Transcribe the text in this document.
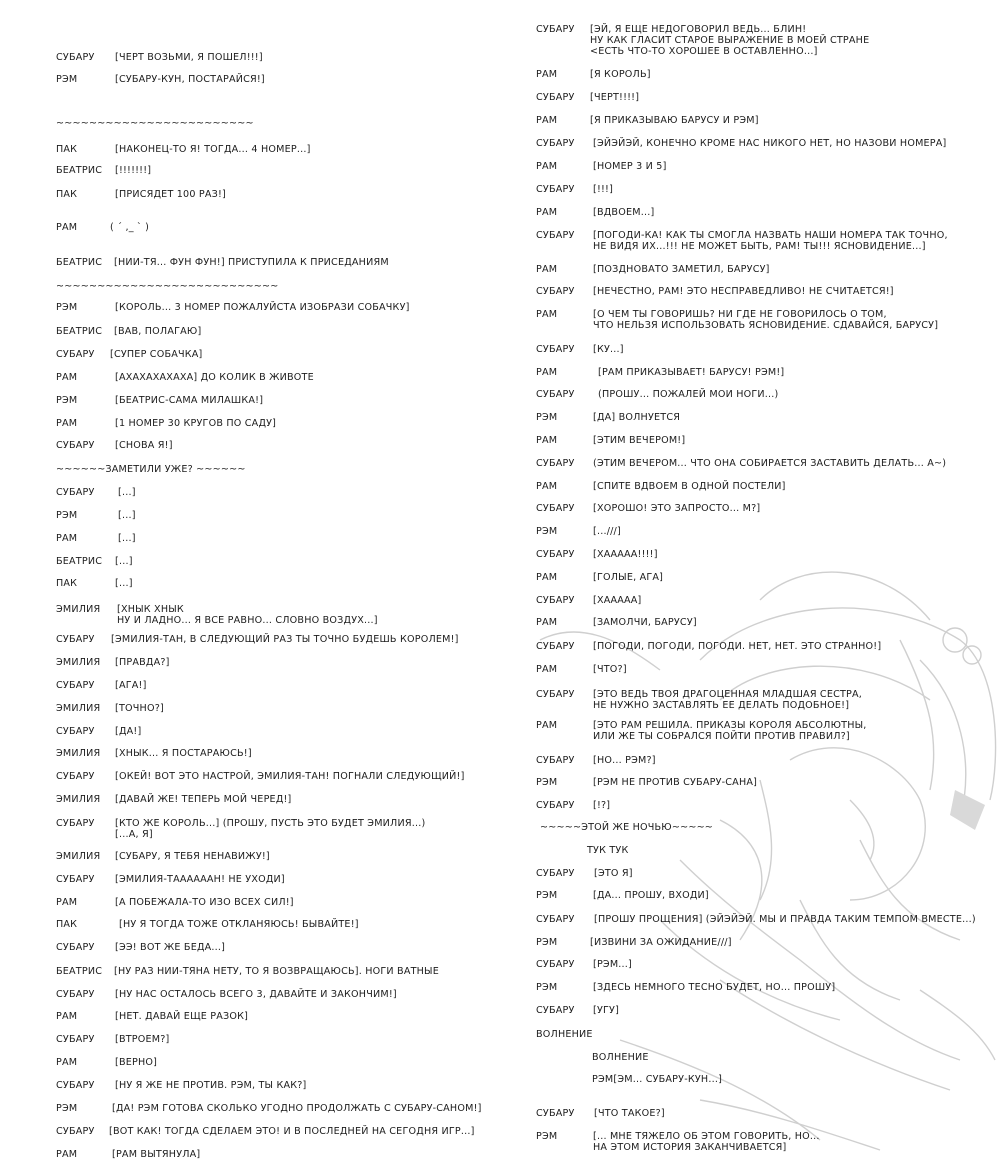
СУБАРУ [ЧЕРТ ВОЗЬМИ, Я ПОШЕЛ!!!]
РЭМ	[СУБАРУ-КУН, ПОСТАРАЙСЯ!]
~~~~~~~~~~~~~~~~~~~~~~~~
ПАК	[НАКОНЕЦ-ТО Я! ТОГДА... 4 НОМЕР...]
БЕАТРИС [!!!!!!!]
ПАК	[ПРИСЯДЕТ 100 РАЗ!]
РАМ	( ´ ,_ ` )
БЕАТРИС [НИИ-ТЯ... ФУН ФУН!] ПРИСТУПИЛА К ПРИСЕДАНИЯМ
~~~~~~~~~~~~~~~~~~~~~~~~~~~
РЭМ	[КОРОЛЬ... 3 НОМЕР ПОЖАЛУЙСТА ИЗОБРАЗИ СОБАЧКУ]
БЕАТРИС [ВАВ, ПОЛАГАЮ]
СУБАРУ [СУПЕР СОБАЧКА]
РАМ	[АХАХАХАХАХА] ДО КОЛИК В ЖИВОТЕ
РЭМ	[БЕАТРИС-САМА МИЛАШКА!]
РАМ	[1 НОМЕР 30 КРУГОВ ПО САДУ]
СУБАРУ [СНОВА Я!]
~~~~~~ЗАМЕТИЛИ УЖЕ? ~~~~~~
СУБАРУ [...]
РЭМ	[...]
РАМ	[...]
БЕАТРИС [...]
ПАК	[...]
ЭМИЛИЯ [ХНЫК ХНЫК
НУ И ЛАДНО... Я ВСЕ РАВНО... СЛОВНО ВОЗДУХ...]
СУБАРУ [ЭМИЛИЯ-ТАН, В СЛЕДУЮЩИЙ РАЗ ТЫ ТОЧНО БУДЕШЬ КОРОЛЕМ!]
ЭМИЛИЯ [ПРАВДА?]
СУБАРУ [АГА!]
ЭМИЛИЯ [ТОЧНО?]
СУБАРУ [ДА!]
ЭМИЛИЯ [ХНЫК... Я ПОСТАРАЮСЬ!]
СУБАРУ [ОКЕЙ! ВОТ ЭТО НАСТРОЙ, ЭМИЛИЯ-ТАН! ПОГНАЛИ СЛЕДУЮЩИЙ!]
ЭМИЛИЯ [ДАВАЙ ЖЕ! ТЕПЕРЬ МОЙ ЧЕРЕД!]
СУБАРУ [КТО ЖЕ КОРОЛЬ...] (ПРОШУ, ПУСТЬ ЭТО БУДЕТ ЭМИЛИЯ...)
[...А, Я]
ЭМИЛИЯ [СУБАРУ, Я ТЕБЯ НЕНАВИЖУ!]
СУБАРУ [ЭМИЛИЯ-ТААААААН! НЕ УХОДИ]
РАМ	[А ПОБЕЖАЛА-ТО ИЗО ВСЕХ СИЛ!]
ПАК	[НУ Я ТОГДА ТОЖЕ ОТКЛАНЯЮСЬ! БЫВАЙТЕ!]
СУБАРУ [ЭЭ! ВОТ ЖЕ БЕДА...]
БЕАТРИС [НУ РАЗ НИИ-ТЯНА НЕТУ, ТО Я ВОЗВРАЩАЮСЬ]. НОГИ ВАТНЫЕ
СУБАРУ [НУ НАС ОСТАЛОСЬ ВСЕГО 3, ДАВАЙТЕ И ЗАКОНЧИМ!]
РАМ	[НЕТ. ДАВАЙ ЕЩЕ РАЗОК]
СУБАРУ [ВТРОЕМ?]
РАМ	[ВЕРНО]
СУБАРУ [НУ Я ЖЕ НЕ ПРОТИВ. РЭМ, ТЫ КАК?]
РЭМ	[ДА! РЭМ ГОТОВА СКОЛЬКО УГОДНО ПРОДОЛЖАТЬ С СУБАРУ-САНОМ!]
СУБАРУ [ВОТ КАК! ТОГДА СДЕЛАЕМ ЭТО! И В ПОСЛЕДНЕЙ НА СЕГОДНЯ ИГР...]
РАМ	[РАМ ВЫТЯНУЛА]
СУБАРУ [ЭЙ, Я ЕЩЕ НЕДОГОВОРИЛ ВЕДЬ... БЛИН!
НУ КАК ГЛАСИТ СТАРОЕ ВЫРАЖЕНИЕ В МОЕЙ СТРАНЕ
<ЕСТЬ ЧТО-ТО ХОРОШЕЕ В ОСТАВЛЕННО...]
РАМ	[Я КОРОЛЬ]
СУБАРУ [ЧЕРТ!!!!]
РАМ	[Я ПРИКАЗЫВАЮ БАРУСУ И РЭМ]
СУБАРУ [ЭЙЭЙЭЙ, КОНЕЧНО КРОМЕ НАС НИКОГО НЕТ, НО НАЗОВИ НОМЕРА]
РАМ	[НОМЕР 3 И 5]
СУБАРУ [!!!]
РАМ	[ВДВОЕМ...]
СУБАРУ [ПОГОДИ-КА! КАК ТЫ СМОГЛА НАЗВАТЬ НАШИ НОМЕРА ТАК ТОЧНО,
НЕ ВИДЯ ИХ...!!! НЕ МОЖЕТ БЫТЬ, РАМ! ТЫ!!! ЯСНОВИДЕНИЕ...]
РАМ	[ПОЗДНОВАТО ЗАМЕТИЛ, БАРУСУ]
СУБАРУ [НЕЧЕСТНО, РАМ! ЭТО НЕСПРАВЕДЛИВО! НЕ СЧИТАЕТСЯ!]
РАМ	[О ЧЕМ ТЫ ГОВОРИШЬ? НИ ГДЕ НЕ ГОВОРИЛОСЬ О ТОМ,
ЧТО НЕЛЬЗЯ ИСПОЛЬЗОВАТЬ ЯСНОВИДЕНИЕ. СДАВАЙСЯ, БАРУСУ]
СУБАРУ [КУ...]
РАМ	[РАМ ПРИКАЗЫВАЕТ! БАРУСУ! РЭМ!]
СУБАРУ (ПРОШУ... ПОЖАЛЕЙ МОИ НОГИ...)
РЭМ	[ДА] ВОЛНУЕТСЯ
РАМ	[ЭТИМ ВЕЧЕРОМ!]
СУБАРУ (ЭТИМ ВЕЧЕРОМ... ЧТО ОНА СОБИРАЕТСЯ ЗАСТАВИТЬ ДЕЛАТЬ... А~)
РАМ	[СПИТЕ ВДВОЕМ В ОДНОЙ ПОСТЕЛИ]
СУБАРУ [ХОРОШО! ЭТО ЗАПРОСТО... М?]
РЭМ	[...///]
СУБАРУ [ХААААА!!!!]
РАМ	[ГОЛЫЕ, АГА]
СУБАРУ [ХААААА]
РАМ	[ЗАМОЛЧИ, БАРУСУ]
СУБАРУ [ПОГОДИ, ПОГОДИ, ПОГОДИ. НЕТ, НЕТ. ЭТО СТРАННО!]
РАМ	[ЧТО?]
СУБАРУ [ЭТО ВЕДЬ ТВОЯ ДРАГОЦЕННАЯ МЛАДШАЯ СЕСТРА,
НЕ НУЖНО ЗАСТАВЛЯТЬ ЕЕ ДЕЛАТЬ ПОДОБНОЕ!]
РАМ	[ЭТО РАМ РЕШИЛА. ПРИКАЗЫ КОРОЛЯ АБСОЛЮТНЫ,
ИЛИ ЖЕ ТЫ СОБРАЛСЯ ПОЙТИ ПРОТИВ ПРАВИЛ?]
СУБАРУ [НО... РЭМ?]
РЭМ	[РЭМ НЕ ПРОТИВ СУБАРУ-САНА]
СУБАРУ [!?]
~~~~~ЭТОЙ ЖЕ НОЧЬЮ~~~~~
ТУК ТУК
СУБАРУ [ЭТО Я]
РЭМ	[ДА... ПРОШУ, ВХОДИ]
СУБАРУ [ПРОШУ ПРОЩЕНИЯ] (ЭЙЭЙЭЙ. МЫ И ПРАВДА ТАКИМ ТЕМПОМ ВМЕСТЕ...)
РЭМ	[ИЗВИНИ ЗА ОЖИДАНИЕ///]
СУБАРУ [РЭМ...]
РЭМ	[ЗДЕСЬ НЕМНОГО ТЕСНО БУДЕТ, НО... ПРОШУ]
СУБАРУ [УГУ]
ВОЛНЕНИЕ
ВОЛНЕНИЕ
РЭМ[ЭМ... СУБАРУ-КУН...]
СУБАРУ [ЧТО ТАКОЕ?]
РЭМ	[... МНЕ ТЯЖЕЛО ОБ ЭТОМ ГОВОРИТЬ, НО...
НА ЭТОМ ИСТОРИЯ ЗАКАНЧИВАЕТСЯ]
